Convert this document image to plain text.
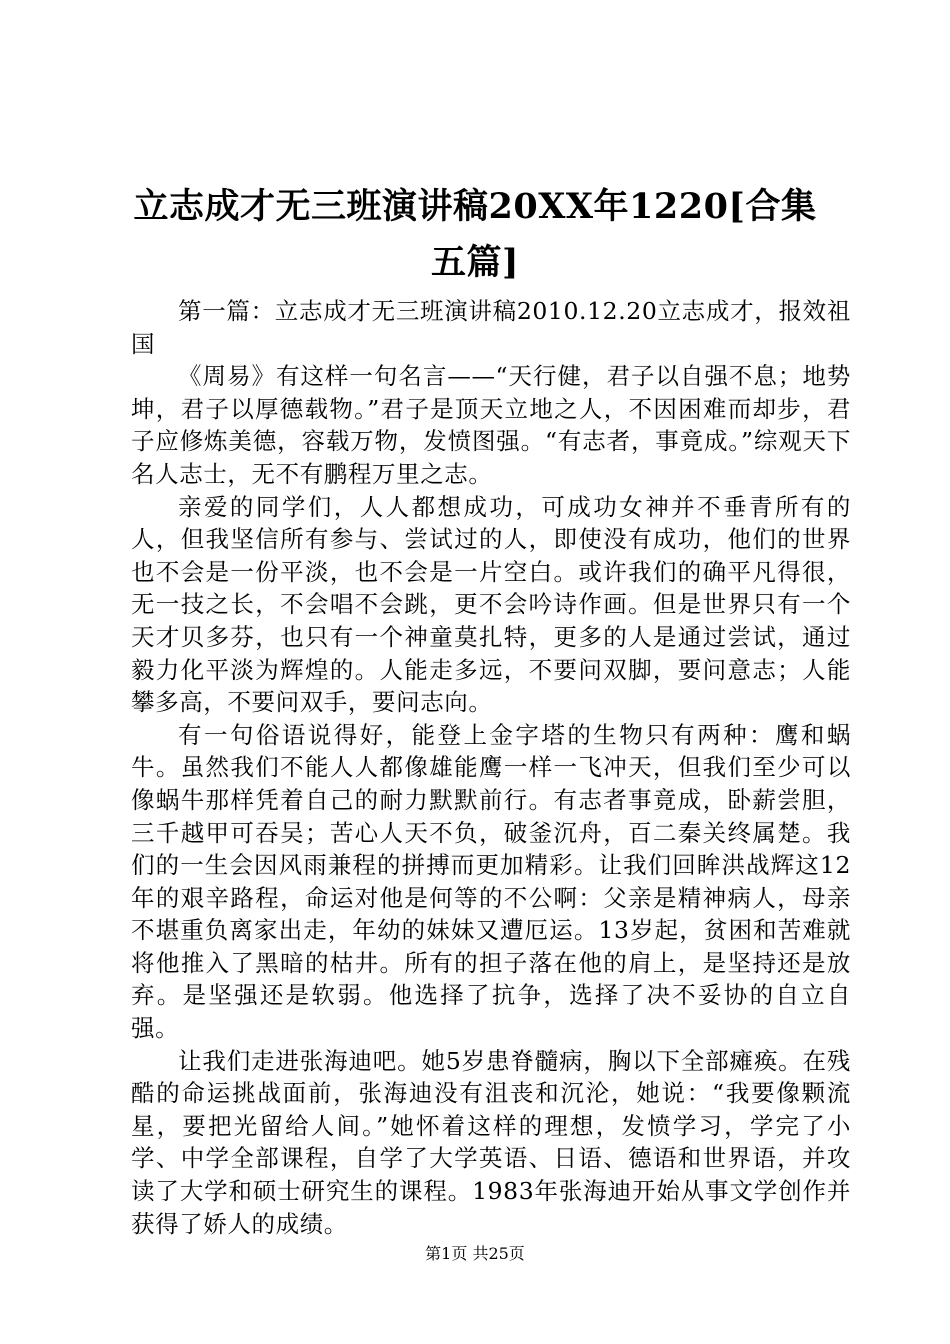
立志成才无三班演讲稿20XX年1220[合集五篇]

第一篇：立志成才无三班演讲稿2010.12.20立志成才，报效祖国

《周易》有这样一句名言——“天行健，君子以自强不息；地势坤，君子以厚德载物。”君子是顶天立地之人，不因困难而却步，君子应修炼美德，容载万物，发愤图强。“有志者，事竟成。”综观天下名人志士，无不有鹏程万里之志。

亲爱的同学们，人人都想成功，可成功女神并不垂青所有的人，但我坚信所有参与、尝试过的人，即使没有成功，他们的世界也不会是一份平淡，也不会是一片空白。或许我们的确平凡得很，无一技之长，不会唱不会跳，更不会吟诗作画。但是世界只有一个天才贝多芬，也只有一个神童莫扎特，更多的人是通过尝试，通过毅力化平淡为辉煌的。人能走多远，不要问双脚，要问意志；人能攀多高，不要问双手，要问志向。

有一句俗语说得好，能登上金字塔的生物只有两种：鹰和蜗牛。虽然我们不能人人都像雄能鹰一样一飞冲天，但我们至少可以像蜗牛那样凭着自己的耐力默默前行。有志者事竟成，卧薪尝胆，三千越甲可吞吴；苦心人天不负，破釜沉舟，百二秦关终属楚。我们的一生会因风雨兼程的拼搏而更加精彩。让我们回眸洪战辉这12年的艰辛路程，命运对他是何等的不公啊：父亲是精神病人，母亲不堪重负离家出走，年幼的妹妹又遭厄运。13岁起，贫困和苦难就将他推入了黑暗的枯井。所有的担子落在他的肩上，是坚持还是放弃。是坚强还是软弱。他选择了抗争，选择了决不妥协的自立自强。

让我们走进张海迪吧。她5岁患脊髓病，胸以下全部瘫痪。在残酷的命运挑战面前，张海迪没有沮丧和沉沦，她说：“我要像颗流星，要把光留给人间。”她怀着这样的理想，发愤学习，学完了小学、中学全部课程，自学了大学英语、日语、德语和世界语，并攻读了大学和硕士研究生的课程。1983年张海迪开始从事文学创作并获得了娇人的成绩。

第1页 共25页
